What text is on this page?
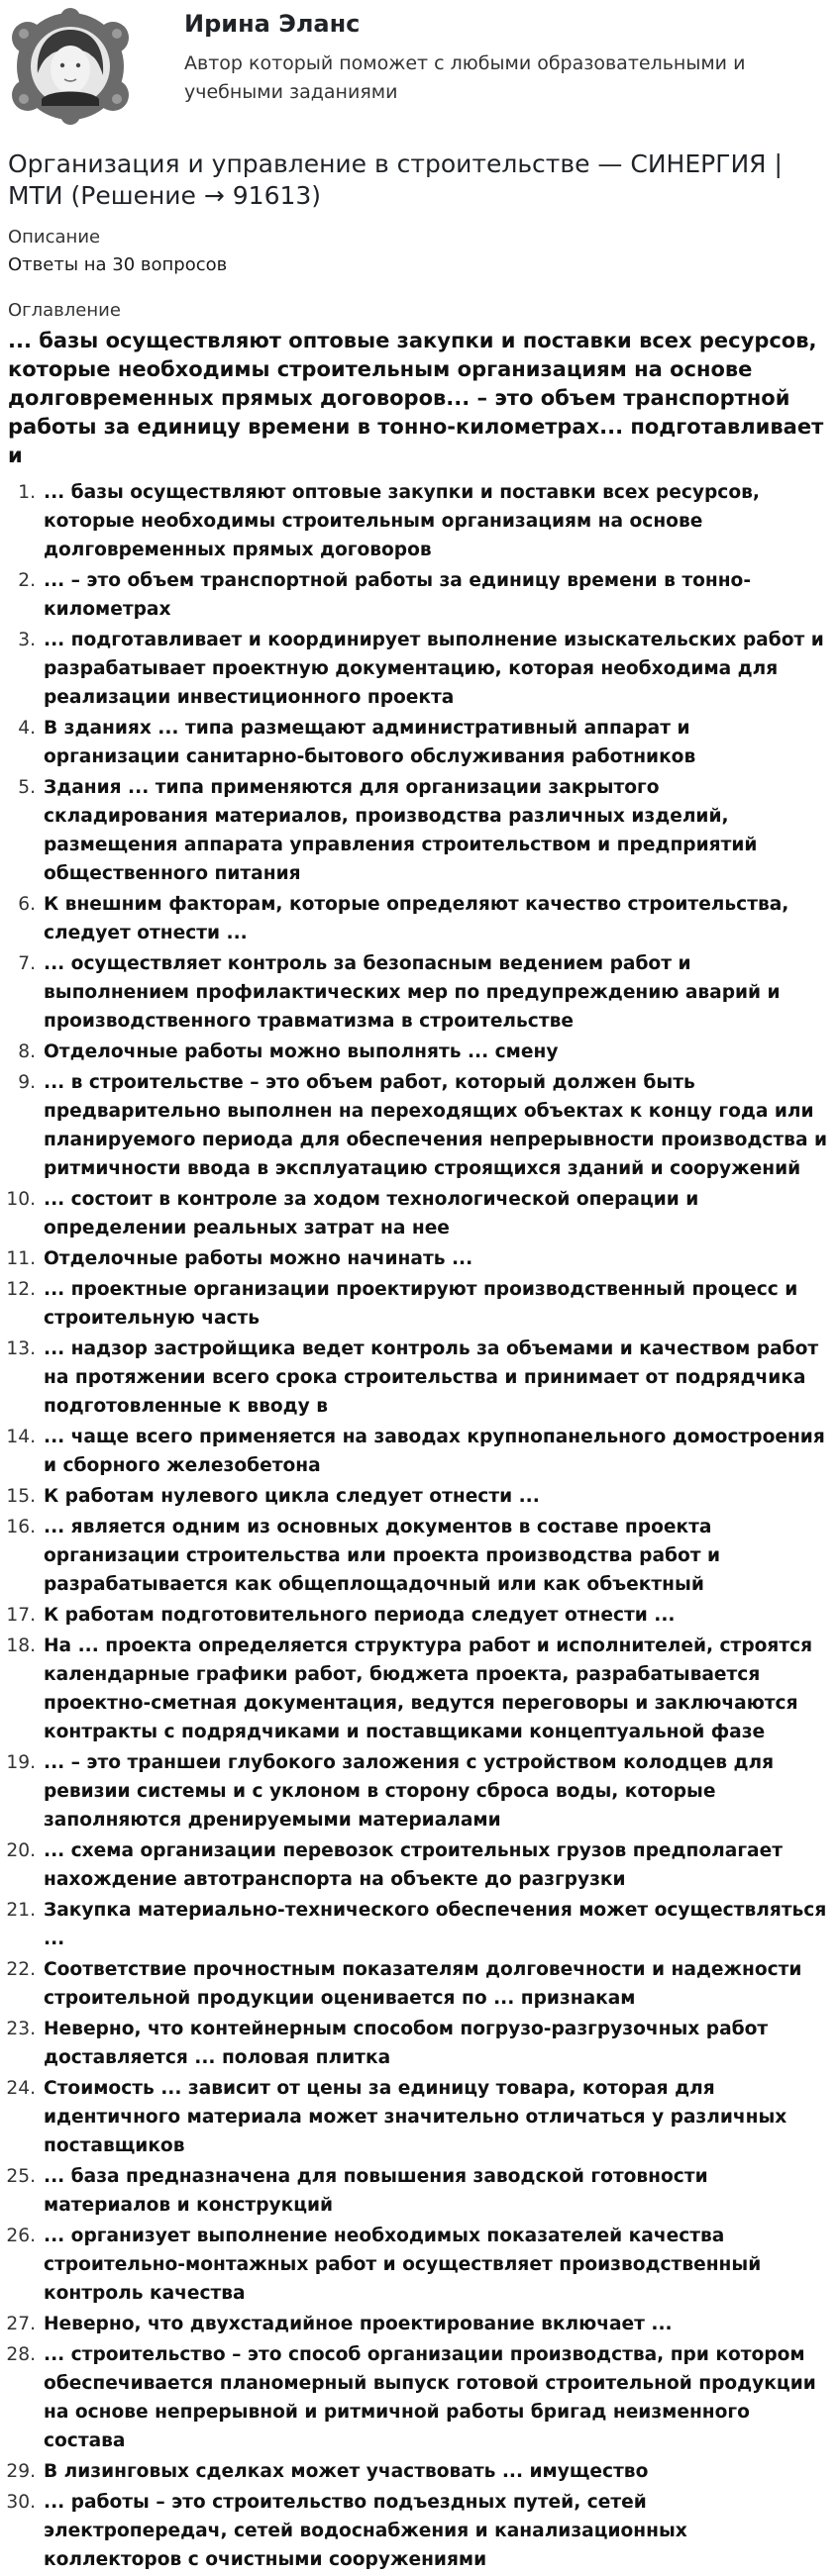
Ирина Эланс
Автор который поможет с любыми образовательными и учебными заданиями
Организация и управление в строительстве — СИНЕРГИЯ | МТИ (Решение → 91613)

Описание

Ответы на 30 вопросов

Оглавление

... базы осуществляют оптовые закупки и поставки всех ресурсов, которые необходимы строительным организациям на основе долговременных прямых договоров... – это объем транспортной работы за единицу времени в тонно-километрах... подготавливает и
1. ... базы осуществляют оптовые закупки и поставки всех ресурсов, которые необходимы строительным организациям на основе долговременных прямых договоров
2. ... – это объем транспортной работы за единицу времени в тонно-километрах
3. ... подготавливает и координирует выполнение изыскательских работ и разрабатывает проектную документацию, которая необходима для реализации инвестиционного проекта
4. В зданиях ... типа размещают административный аппарат и организации санитарно-бытового обслуживания работников
5. Здания ... типа применяются для организации закрытого складирования материалов, производства различных изделий, размещения аппарата управления строительством и предприятий общественного питания
6. К внешним факторам, которые определяют качество строительства, следует отнести ...
7. ... осуществляет контроль за безопасным ведением работ и выполнением профилактических мер по предупреждению аварий и производственного травматизма в строительстве
8. Отделочные работы можно выполнять ... смену
9. ... в строительстве – это объем работ, который должен быть предварительно выполнен на переходящих объектах к концу года или планируемого периода для обеспечения непрерывности производства и ритмичности ввода в эксплуатацию строящихся зданий и сооружений
10. ... состоит в контроле за ходом технологической операции и определении реальных затрат на нее
11. Отделочные работы можно начинать ...
12. ... проектные организации проектируют производственный процесс и строительную часть
13. ... надзор застройщика ведет контроль за объемами и качеством работ на протяжении всего срока строительства и принимает от подрядчика подготовленные к вводу в
14. ... чаще всего применяется на заводах крупнопанельного домостроения и сборного железобетона
15. К работам нулевого цикла следует отнести ...
16. ... является одним из основных документов в составе проекта организации строительства или проекта производства работ и разрабатывается как общеплощадочный или как объектный
17. К работам подготовительного периода следует отнести ...
18. На ... проекта определяется структура работ и исполнителей, строятся календарные графики работ, бюджета проекта, разрабатывается проектно-сметная документация, ведутся переговоры и заключаются контракты с подрядчиками и поставщиками концептуальной фазе
19. ... – это траншеи глубокого заложения с устройством колодцев для ревизии системы и с уклоном в сторону сброса воды, которые заполняются дренируемыми материалами
20. ... схема организации перевозок строительных грузов предполагает нахождение автотранспорта на объекте до разгрузки
21. Закупка материально-технического обеспечения может осуществляться ...
22. Соответствие прочностным показателям долговечности и надежности строительной продукции оценивается по ... признакам
23. Неверно, что контейнерным способом погрузо-разгрузочных работ доставляется ... половая плитка
24. Стоимость ... зависит от цены за единицу товара, которая для идентичного материала может значительно отличаться у различных поставщиков
25. ... база предназначена для повышения заводской готовности материалов и конструкций
26. ... организует выполнение необходимых показателей качества строительно-монтажных работ и осуществляет производственный контроль качества
27. Неверно, что двухстадийное проектирование включает ...
28. ... строительство – это способ организации производства, при котором обеспечивается планомерный выпуск готовой строительной продукции на основе непрерывной и ритмичной работы бригад неизменного состава
29. В лизинговых сделках может участвовать ... имущество
30. ... работы – это строительство подъездных путей, сетей электропередач, сетей водоснабжения и канализационных коллекторов с очистными сооружениями
